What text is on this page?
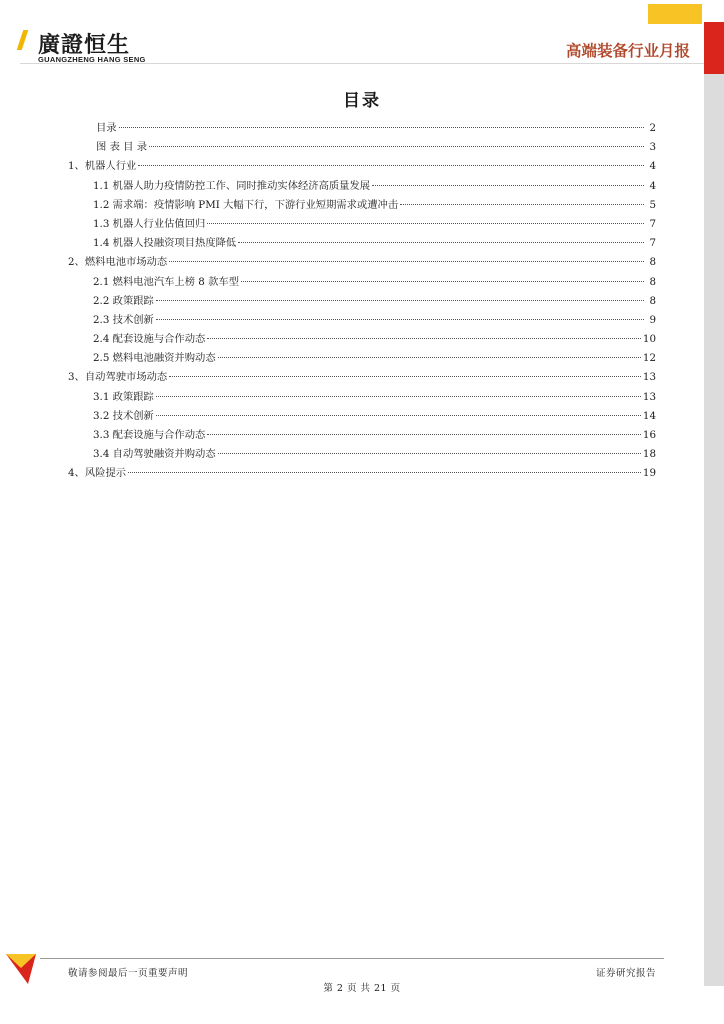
廣證恒生
GUANGZHENG HANG SENG	高端装备行业月报
目录
目录	2
图 表 目 录	3
1、机器人行业	4
1.1 机器人助力疫情防控工作、同时推动实体经济高质量发展	4
1.2 需求端：疫情影响 PMI 大幅下行，下游行业短期需求或遭冲击	5
1.3 机器人行业估值回归	7
1.4 机器人投融资项目热度降低	7
2、燃料电池市场动态	8
2.1 燃料电池汽车上榜 8 款车型	8
2.2 政策跟踪	8
2.3 技术创新	9
2.4 配套设施与合作动态	10
2.5 燃料电池融资并购动态	12
3、自动驾驶市场动态	13
3.1 政策跟踪	13
3.2 技术创新	14
3.3 配套设施与合作动态	16
3.4 自动驾驶融资并购动态	18
4、风险提示	19
敬请参阅最后一页重要声明	证券研究报告
第 2 页 共 21 页
